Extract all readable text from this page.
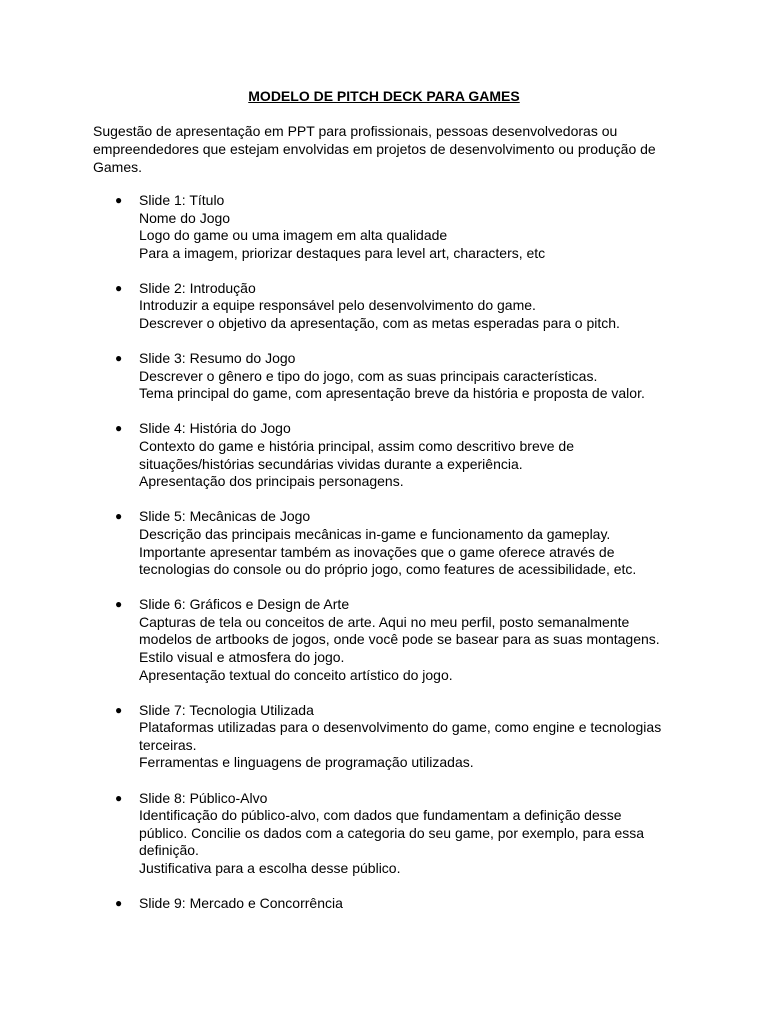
MODELO DE PITCH DECK PARA GAMES

Sugestão de apresentação em PPT para profissionais, pessoas desenvolvedoras ou
empreendedores que estejam envolvidas em projetos de desenvolvimento ou produção de
Games.

● Slide 1: Título
Nome do Jogo
Logo do game ou uma imagem em alta qualidade
Para a imagem, priorizar destaques para level art, characters, etc
● Slide 2: Introdução
Introduzir a equipe responsável pelo desenvolvimento do game.
Descrever o objetivo da apresentação, com as metas esperadas para o pitch.
● Slide 3: Resumo do Jogo
Descrever o gênero e tipo do jogo, com as suas principais características.
Tema principal do game, com apresentação breve da história e proposta de valor.
● Slide 4: História do Jogo
Contexto do game e história principal, assim como descritivo breve de
situações/histórias secundárias vividas durante a experiência.
Apresentação dos principais personagens.
● Slide 5: Mecânicas de Jogo
Descrição das principais mecânicas in-game e funcionamento da gameplay.
Importante apresentar também as inovações que o game oferece através de
tecnologias do console ou do próprio jogo, como features de acessibilidade, etc.
● Slide 6: Gráficos e Design de Arte
Capturas de tela ou conceitos de arte. Aqui no meu perfil, posto semanalmente
modelos de artbooks de jogos, onde você pode se basear para as suas montagens.
Estilo visual e atmosfera do jogo.
Apresentação textual do conceito artístico do jogo.
● Slide 7: Tecnologia Utilizada
Plataformas utilizadas para o desenvolvimento do game, como engine e tecnologias
terceiras.
Ferramentas e linguagens de programação utilizadas.
● Slide 8: Público-Alvo
Identificação do público-alvo, com dados que fundamentam a definição desse
público. Concilie os dados com a categoria do seu game, por exemplo, para essa
definição.
Justificativa para a escolha desse público.
● Slide 9: Mercado e Concorrência
